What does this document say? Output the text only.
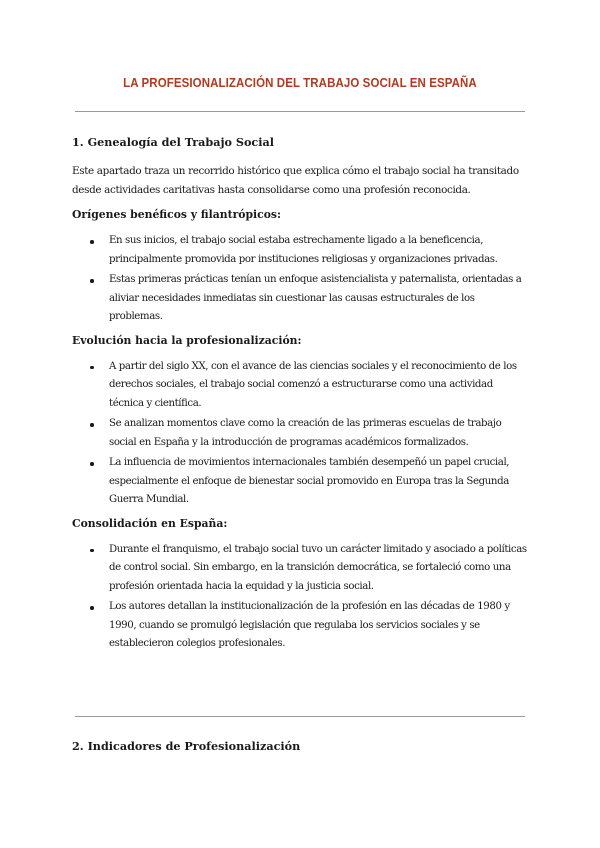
LA PROFESIONALIZACIÓN DEL TRABAJO SOCIAL EN ESPAÑA
1. Genealogía del Trabajo Social

Este apartado traza un recorrido histórico que explica cómo el trabajo social ha transitado desde actividades caritativas hasta consolidarse como una profesión reconocida.

Orígenes benéficos y filantrópicos:
En sus inicios, el trabajo social estaba estrechamente ligado a la beneficencia, principalmente promovida por instituciones religiosas y organizaciones privadas.
Estas primeras prácticas tenían un enfoque asistencialista y paternalista, orientadas a aliviar necesidades inmediatas sin cuestionar las causas estructurales de los problemas.
Evolución hacia la profesionalización:
A partir del siglo XX, con el avance de las ciencias sociales y el reconocimiento de los derechos sociales, el trabajo social comenzó a estructurarse como una actividad técnica y científica.
Se analizan momentos clave como la creación de las primeras escuelas de trabajo social en España y la introducción de programas académicos formalizados.
La influencia de movimientos internacionales también desempeñó un papel crucial, especialmente el enfoque de bienestar social promovido en Europa tras la Segunda Guerra Mundial.
Consolidación en España:
Durante el franquismo, el trabajo social tuvo un carácter limitado y asociado a políticas de control social. Sin embargo, en la transición democrática, se fortaleció como una profesión orientada hacia la equidad y la justicia social.
Los autores detallan la institucionalización de la profesión en las décadas de 1980 y 1990, cuando se promulgó legislación que regulaba los servicios sociales y se establecieron colegios profesionales.
2. Indicadores de Profesionalización
